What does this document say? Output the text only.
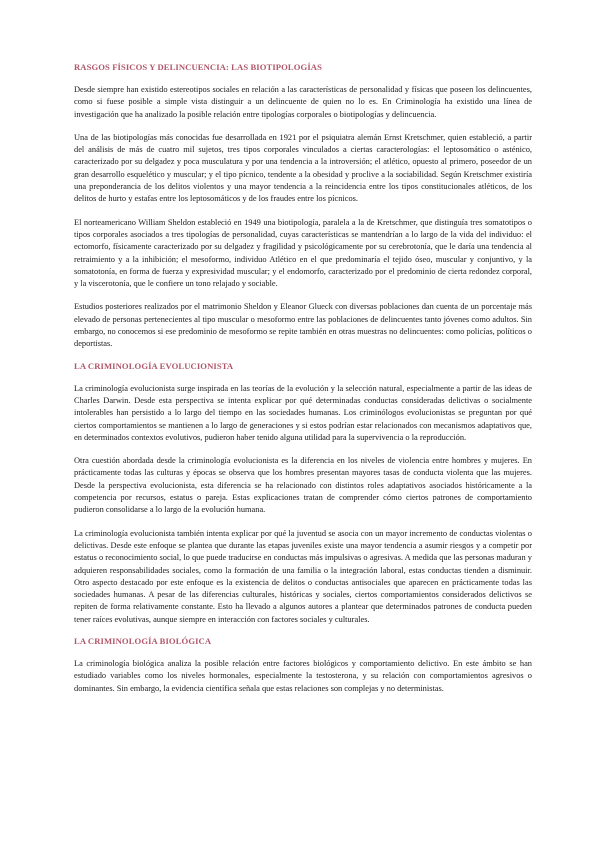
RASGOS FÍSICOS Y DELINCUENCIA: LAS BIOTIPOLOGÍAS

Desde siempre han existido estereotipos sociales en relación a las características de personalidad y físicas que poseen los delincuentes, como si fuese posible a simple vista distinguir a un delincuente de quien no lo es. En Criminología ha existido una línea de investigación que ha analizado la posible relación entre tipologías corporales o biotipologías y delincuencia.

Una de las biotipologías más conocidas fue desarrollada en 1921 por el psiquiatra alemán Ernst Kretschmer, quien estableció, a partir del análisis de más de cuatro mil sujetos, tres tipos corporales vinculados a ciertas caracterologías: el leptosomático o asténico, caracterizado por su delgadez y poca musculatura y por una tendencia a la introversión; el atlético, opuesto al primero, poseedor de un gran desarrollo esquelético y muscular; y el tipo pícnico, tendente a la obesidad y proclive a la sociabilidad. Según Kretschmer existiría una preponderancia de los delitos violentos y una mayor tendencia a la reincidencia entre los tipos constitucionales atléticos, de los delitos de hurto y estafas entre los leptosomáticos y de los fraudes entre los pícnicos.

El norteamericano William Sheldon estableció en 1949 una biotipología, paralela a la de Kretschmer, que distinguía tres somatotipos o tipos corporales asociados a tres tipologías de personalidad, cuyas características se mantendrían a lo largo de la vida del individuo: el ectomorfo, físicamente caracterizado por su delgadez y fragilidad y psicológicamente por su cerebrotonía, que le daría una tendencia al retraimiento y a la inhibición; el mesoformo, individuo Atlético en el que predominaría el tejido óseo, muscular y conjuntivo, y la somatotonía, en forma de fuerza y expresividad muscular; y el endomorfo, caracterizado por el predominio de cierta redondez corporal, y la viscerotonía, que le confiere un tono relajado y sociable.

Estudios posteriores realizados por el matrimonio Sheldon y Eleanor Glueck con diversas poblaciones dan cuenta de un porcentaje más elevado de personas pertenecientes al tipo muscular o mesoformo entre las poblaciones de delincuentes tanto jóvenes como adultos. Sin embargo, no conocemos si ese predominio de mesoformo se repite también en otras muestras no delincuentes: como policías, políticos o deportistas.

LA CRIMINOLOGÍA EVOLUCIONISTA

La criminología evolucionista surge inspirada en las teorías de la evolución y la selección natural, especialmente a partir de las ideas de Charles Darwin. Desde esta perspectiva se intenta explicar por qué determinadas conductas consideradas delictivas o socialmente intolerables han persistido a lo largo del tiempo en las sociedades humanas. Los criminólogos evolucionistas se preguntan por qué ciertos comportamientos se mantienen a lo largo de generaciones y si estos podrían estar relacionados con mecanismos adaptativos que, en determinados contextos evolutivos, pudieron haber tenido alguna utilidad para la supervivencia o la reproducción.

Otra cuestión abordada desde la criminología evolucionista es la diferencia en los niveles de violencia entre hombres y mujeres. En prácticamente todas las culturas y épocas se observa que los hombres presentan mayores tasas de conducta violenta que las mujeres. Desde la perspectiva evolucionista, esta diferencia se ha relacionado con distintos roles adaptativos asociados históricamente a la competencia por recursos, estatus o pareja. Estas explicaciones tratan de comprender cómo ciertos patrones de comportamiento pudieron consolidarse a lo largo de la evolución humana.

La criminología evolucionista también intenta explicar por qué la juventud se asocia con un mayor incremento de conductas violentas o delictivas. Desde este enfoque se plantea que durante las etapas juveniles existe una mayor tendencia a asumir riesgos y a competir por estatus o reconocimiento social, lo que puede traducirse en conductas más impulsivas o agresivas. A medida que las personas maduran y adquieren responsabilidades sociales, como la formación de una familia o la integración laboral, estas conductas tienden a disminuir. Otro aspecto destacado por este enfoque es la existencia de delitos o conductas antisociales que aparecen en prácticamente todas las sociedades humanas. A pesar de las diferencias culturales, históricas y sociales, ciertos comportamientos considerados delictivos se repiten de forma relativamente constante. Esto ha llevado a algunos autores a plantear que determinados patrones de conducta pueden tener raíces evolutivas, aunque siempre en interacción con factores sociales y culturales.

LA CRIMINOLOGÍA BIOLÓGICA

La criminología biológica analiza la posible relación entre factores biológicos y comportamiento delictivo. En este ámbito se han estudiado variables como los niveles hormonales, especialmente la testosterona, y su relación con comportamientos agresivos o dominantes. Sin embargo, la evidencia científica señala que estas relaciones son complejas y no deterministas.
